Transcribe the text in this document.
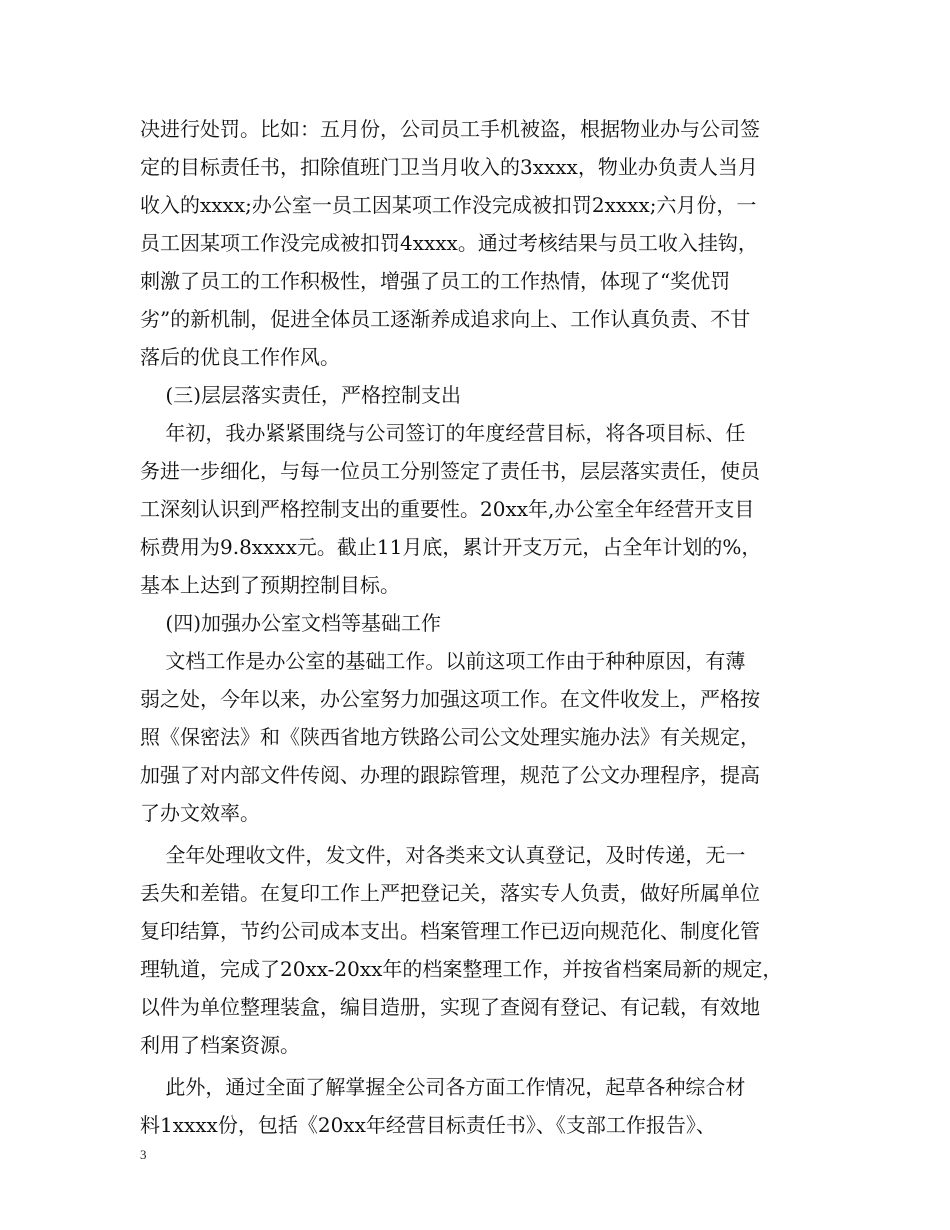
决进行处罚。比如：五月份，公司员工手机被盗，根据物业办与公司签
定的目标责任书，扣除值班门卫当月收入的3xxxx，物业办负责人当月
收入的xxxx;办公室一员工因某项工作没完成被扣罚2xxxx;六月份，一
员工因某项工作没完成被扣罚4xxxx。通过考核结果与员工收入挂钩，
刺激了员工的工作积极性，增强了员工的工作热情，体现了“奖优罚
劣”的新机制，促进全体员工逐渐养成追求向上、工作认真负责、不甘
落后的优良工作作风。
(三)层层落实责任，严格控制支出
年初，我办紧紧围绕与公司签订的年度经营目标，将各项目标、任
务进一步细化，与每一位员工分别签定了责任书，层层落实责任，使员
工深刻认识到严格控制支出的重要性。20xx年,办公室全年经营开支目
标费用为9.8xxxx元。截止11月底，累计开支万元，占全年计划的%，
基本上达到了预期控制目标。
(四)加强办公室文档等基础工作
文档工作是办公室的基础工作。以前这项工作由于种种原因，有薄
弱之处，今年以来，办公室努力加强这项工作。在文件收发上，严格按
照《保密法》和《陕西省地方铁路公司公文处理实施办法》有关规定，
加强了对内部文件传阅、办理的跟踪管理，规范了公文办理程序，提高
了办文效率。
全年处理收文件，发文件，对各类来文认真登记，及时传递，无一
丢失和差错。在复印工作上严把登记关，落实专人负责，做好所属单位
复印结算，节约公司成本支出。档案管理工作已迈向规范化、制度化管
理轨道，完成了20xx-20xx年的档案整理工作，并按省档案局新的规定，
以件为单位整理装盒，编目造册，实现了查阅有登记、有记载，有效地
利用了档案资源。
此外，通过全面了解掌握全公司各方面工作情况，起草各种综合材
料1xxxx份，包括《20xx年经营目标责任书》、《支部工作报告》、
3
